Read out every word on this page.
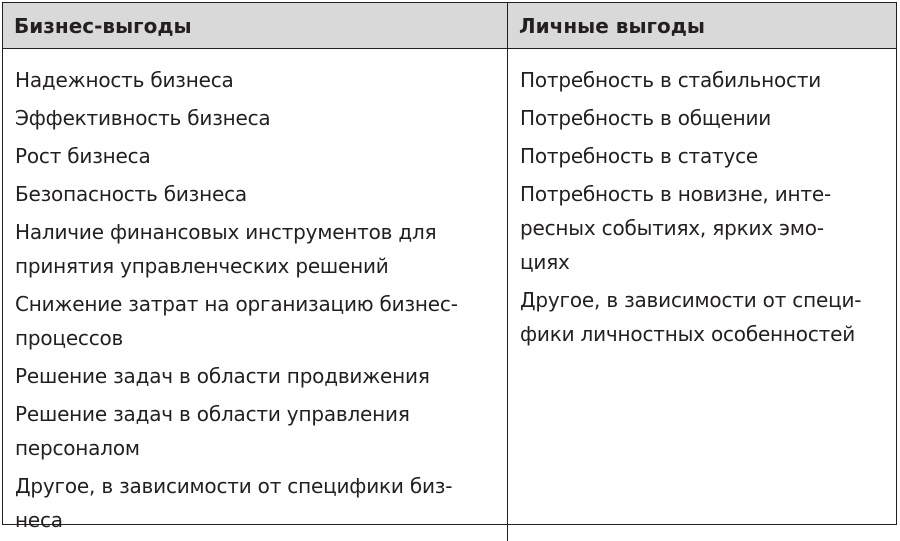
Бизнес-выгоды	Личные выгоды
Надежность бизнеса
Эффективность бизнеса
Рост бизнеса
Безопасность бизнеса
Наличие финансовых инструментов для
принятия управленческих решений
Снижение затрат на организацию бизнес-
процессов
Решение задач в области продвижения
Решение задач в области управления
персоналом
Другое, в зависимости от специфики биз-
неса
Потребность в стабильности
Потребность в общении
Потребность в статусе
Потребность в новизне, инте-
ресных событиях, ярких эмо-
циях
Другое, в зависимости от специ-
фики личностных особенностей
